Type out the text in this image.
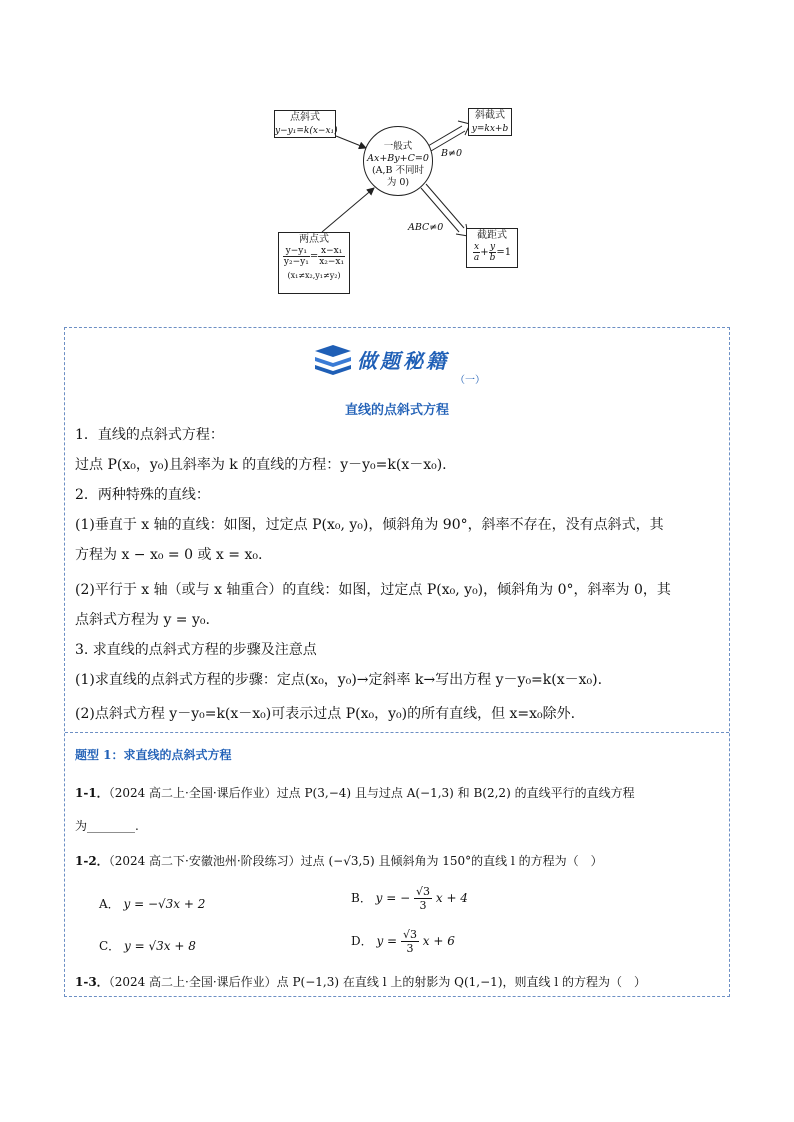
点斜式
y−y₁=k(x−x₁)
斜截式
y=kx+b
一般式
Ax+By+C=0
(A,B 不同时
为 0)
B≠0
ABC≠0
两点式
$\frac{\text{y−y₁}}{\text{y₂−y₁}} = \frac{\text{x−x₁}}{\text{x₂−x₁}}$
(x₁≠x₂,y₁≠y₂)
截距式
$\frac{x}{a} + \frac{y}{b} =1$
做题秘籍
（一）
直线的点斜式方程
1．直线的点斜式方程：
过点 P(x₀，y₀)且斜率为 k 的直线的方程：y－y₀=k(x－x₀).
2．两种特殊的直线：
(1)垂直于 x 轴的直线：如图，过定点 P(x₀, y₀)，倾斜角为 90°，斜率不存在，没有点斜式，其
方程为 x − x₀ = 0 或 x = x₀.
(2)平行于 x 轴（或与 x 轴重合）的直线：如图，过定点 P(x₀, y₀)，倾斜角为 0°，斜率为 0，其
点斜式方程为 y = y₀.
3. 求直线的点斜式方程的步骤及注意点
(1)求直线的点斜式方程的步骤：定点(x₀，y₀)→定斜率 k→写出方程 y－y₀=k(x－x₀).
(2)点斜式方程 y－y₀=k(x－x₀)可表示过点 P(x₀，y₀)的所有直线，但 x=x₀除外.
题型 1：求直线的点斜式方程
1-1．（2024 高二上·全国·课后作业）过点 P(3,−4) 且与过点 A(−1,3) 和 B(2,2) 的直线平行的直线方程
为________.
1-2．（2024 高二下·安徽池州·阶段练习）过点 (−√3,5) 且倾斜角为 150°的直线 l 的方程为（　）
A． y = −√3x + 2	B． y = − $\frac{√3}{3}$ x + 4
C． y = √3x + 8	D． $y = \frac{√3}{3}$ x + 6
1-3．（2024 高二上·全国·课后作业）点 P(−1,3) 在直线 l 上的射影为 Q(1,−1)，则直线 l 的方程为（　）
